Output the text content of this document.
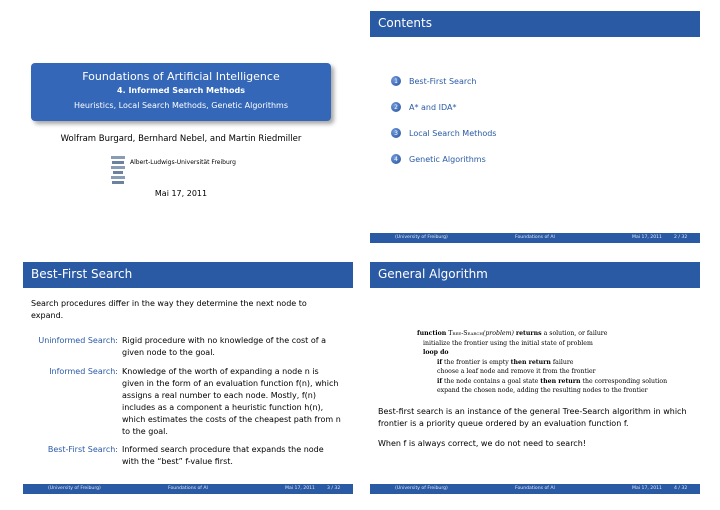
Foundations of Artificial Intelligence
4. Informed Search Methods
Heuristics, Local Search Methods, Genetic Algorithms
Wolfram Burgard, Bernhard Nebel, and Martin Riedmiller
Albert-Ludwigs-Universität Freiburg
Mai 17, 2011
Contents
1	Best-First Search
2	A* and IDA*
3	Local Search Methods
4	Genetic Algorithms
(University of Freiburg)	Foundations of AI	Mai 17, 2011	2 / 32
Best-First Search
Search procedures differ in the way they determine the next node to expand.
Uninformed Search: Rigid procedure with no knowledge of the cost of a given node to the goal.
Informed Search: Knowledge of the worth of expanding a node n is given in the form of an evaluation function f(n), which assigns a real number to each node. Mostly, f(n) includes as a component a heuristic function h(n), which estimates the costs of the cheapest path from n to the goal.
Best-First Search: Informed search procedure that expands the node with the “best” f-value first.
(University of Freiburg)	Foundations of AI	Mai 17, 2011	3 / 32
General Algorithm
function Tree-Search(problem) returns a solution, or failure
initialize the frontier using the initial state of problem
loop do
if the frontier is empty then return failure
choose a leaf node and remove it from the frontier
if the node contains a goal state then return the corresponding solution
expand the chosen node, adding the resulting nodes to the frontier
Best-first search is an instance of the general Tree-Search algorithm in which frontier is a priority queue ordered by an evaluation function f.
When f is always correct, we do not need to search!
(University of Freiburg)	Foundations of AI	Mai 17, 2011	4 / 32
